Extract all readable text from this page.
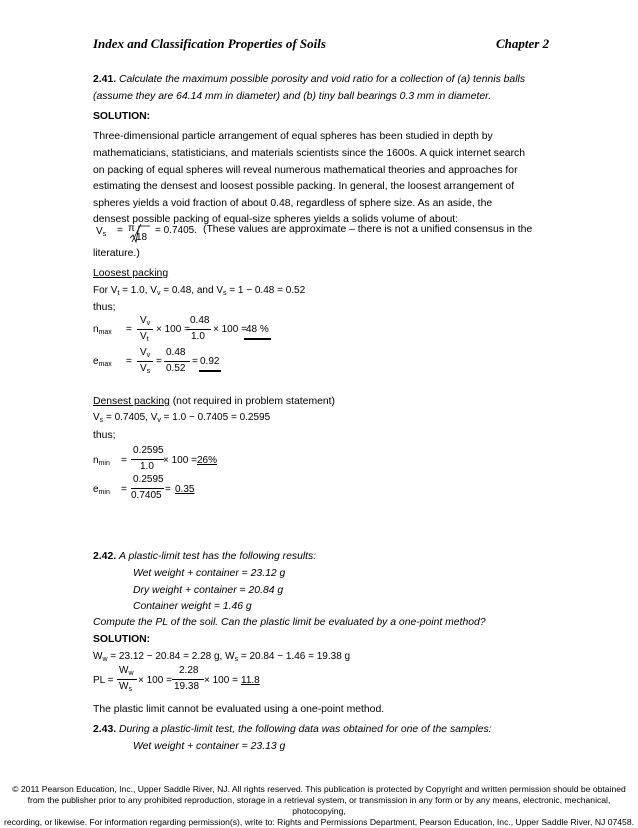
Index and Classification Properties of Soils	Chapter 2
2.41. Calculate the maximum possible porosity and void ratio for a collection of (a) tennis balls
(assume they are 64.14 mm in diameter) and (b) tiny ball bearings 0.3 mm in diameter.
SOLUTION:
Three-dimensional particle arrangement of equal spheres has been studied in depth by
mathematicians, statisticians, and materials scientists since the 1600s. A quick internet search
on packing of equal spheres will reveal numerous mathematical theories and approaches for
estimating the densest and loosest possible packing. In general, the loosest arrangement of
spheres yields a void fraction of about 0.48, regardless of sphere size. As an aside, the
densest possible packing of equal-size spheres yields a solids volume of about:
$V_s = \pi$
18
= 0.7405. (These values are approximate – there is not a unified consensus in the
literature.)
Loosest packing
For $V_t = 1.0$, $V_v = 0.48$, and $V_s = 1 - 0.48 = 0.52$
thus;
$n_{max}$ =
$V_v$
$V_t$
× 100 =
0.48
1.0
× 100 = 48 %
$e_{max}$ =
$V_v$
$V_s$
=
0.48
0.52
= 0.92
Densest packing (not required in problem statement)
$V_s = 0.7405$, $V_v = 1.0 - 0.7405 = 0.2595$
thus;
$n_{min}$ =
0.2595
1.0
× 100 = 26%
$e_{min}$ =
0.2595
0.7405
= 0.35
2.42. A plastic-limit test has the following results:
Wet weight + container = 23.12 g
Dry weight + container = 20.84 g
Container weight = 1.46 g
Compute the PL of the soil. Can the plastic limit be evaluated by a one-point method?
SOLUTION:
$W_w = 23.12 - 20.84 = 2.28$ g, $W_s = 20.84 - 1.46 = 19.38$ g
PL =
$W_w$
$W_s$
× 100 =
2.28
19.38
× 100 = 11.8
The plastic limit cannot be evaluated using a one-point method.
2.43. During a plastic-limit test, the following data was obtained for one of the samples:
Wet weight + container = 23.13 g
© 2011 Pearson Education, Inc., Upper Saddle River, NJ. All rights reserved. This publication is protected by Copyright and written permission should be obtained
from the publisher prior to any prohibited reproduction, storage in a retrieval system, or transmission in any form or by any means, electronic, mechanical, photocopying,
recording, or likewise. For information regarding permission(s), write to: Rights and Permissions Department, Pearson Education, Inc., Upper Saddle River, NJ 07458.
